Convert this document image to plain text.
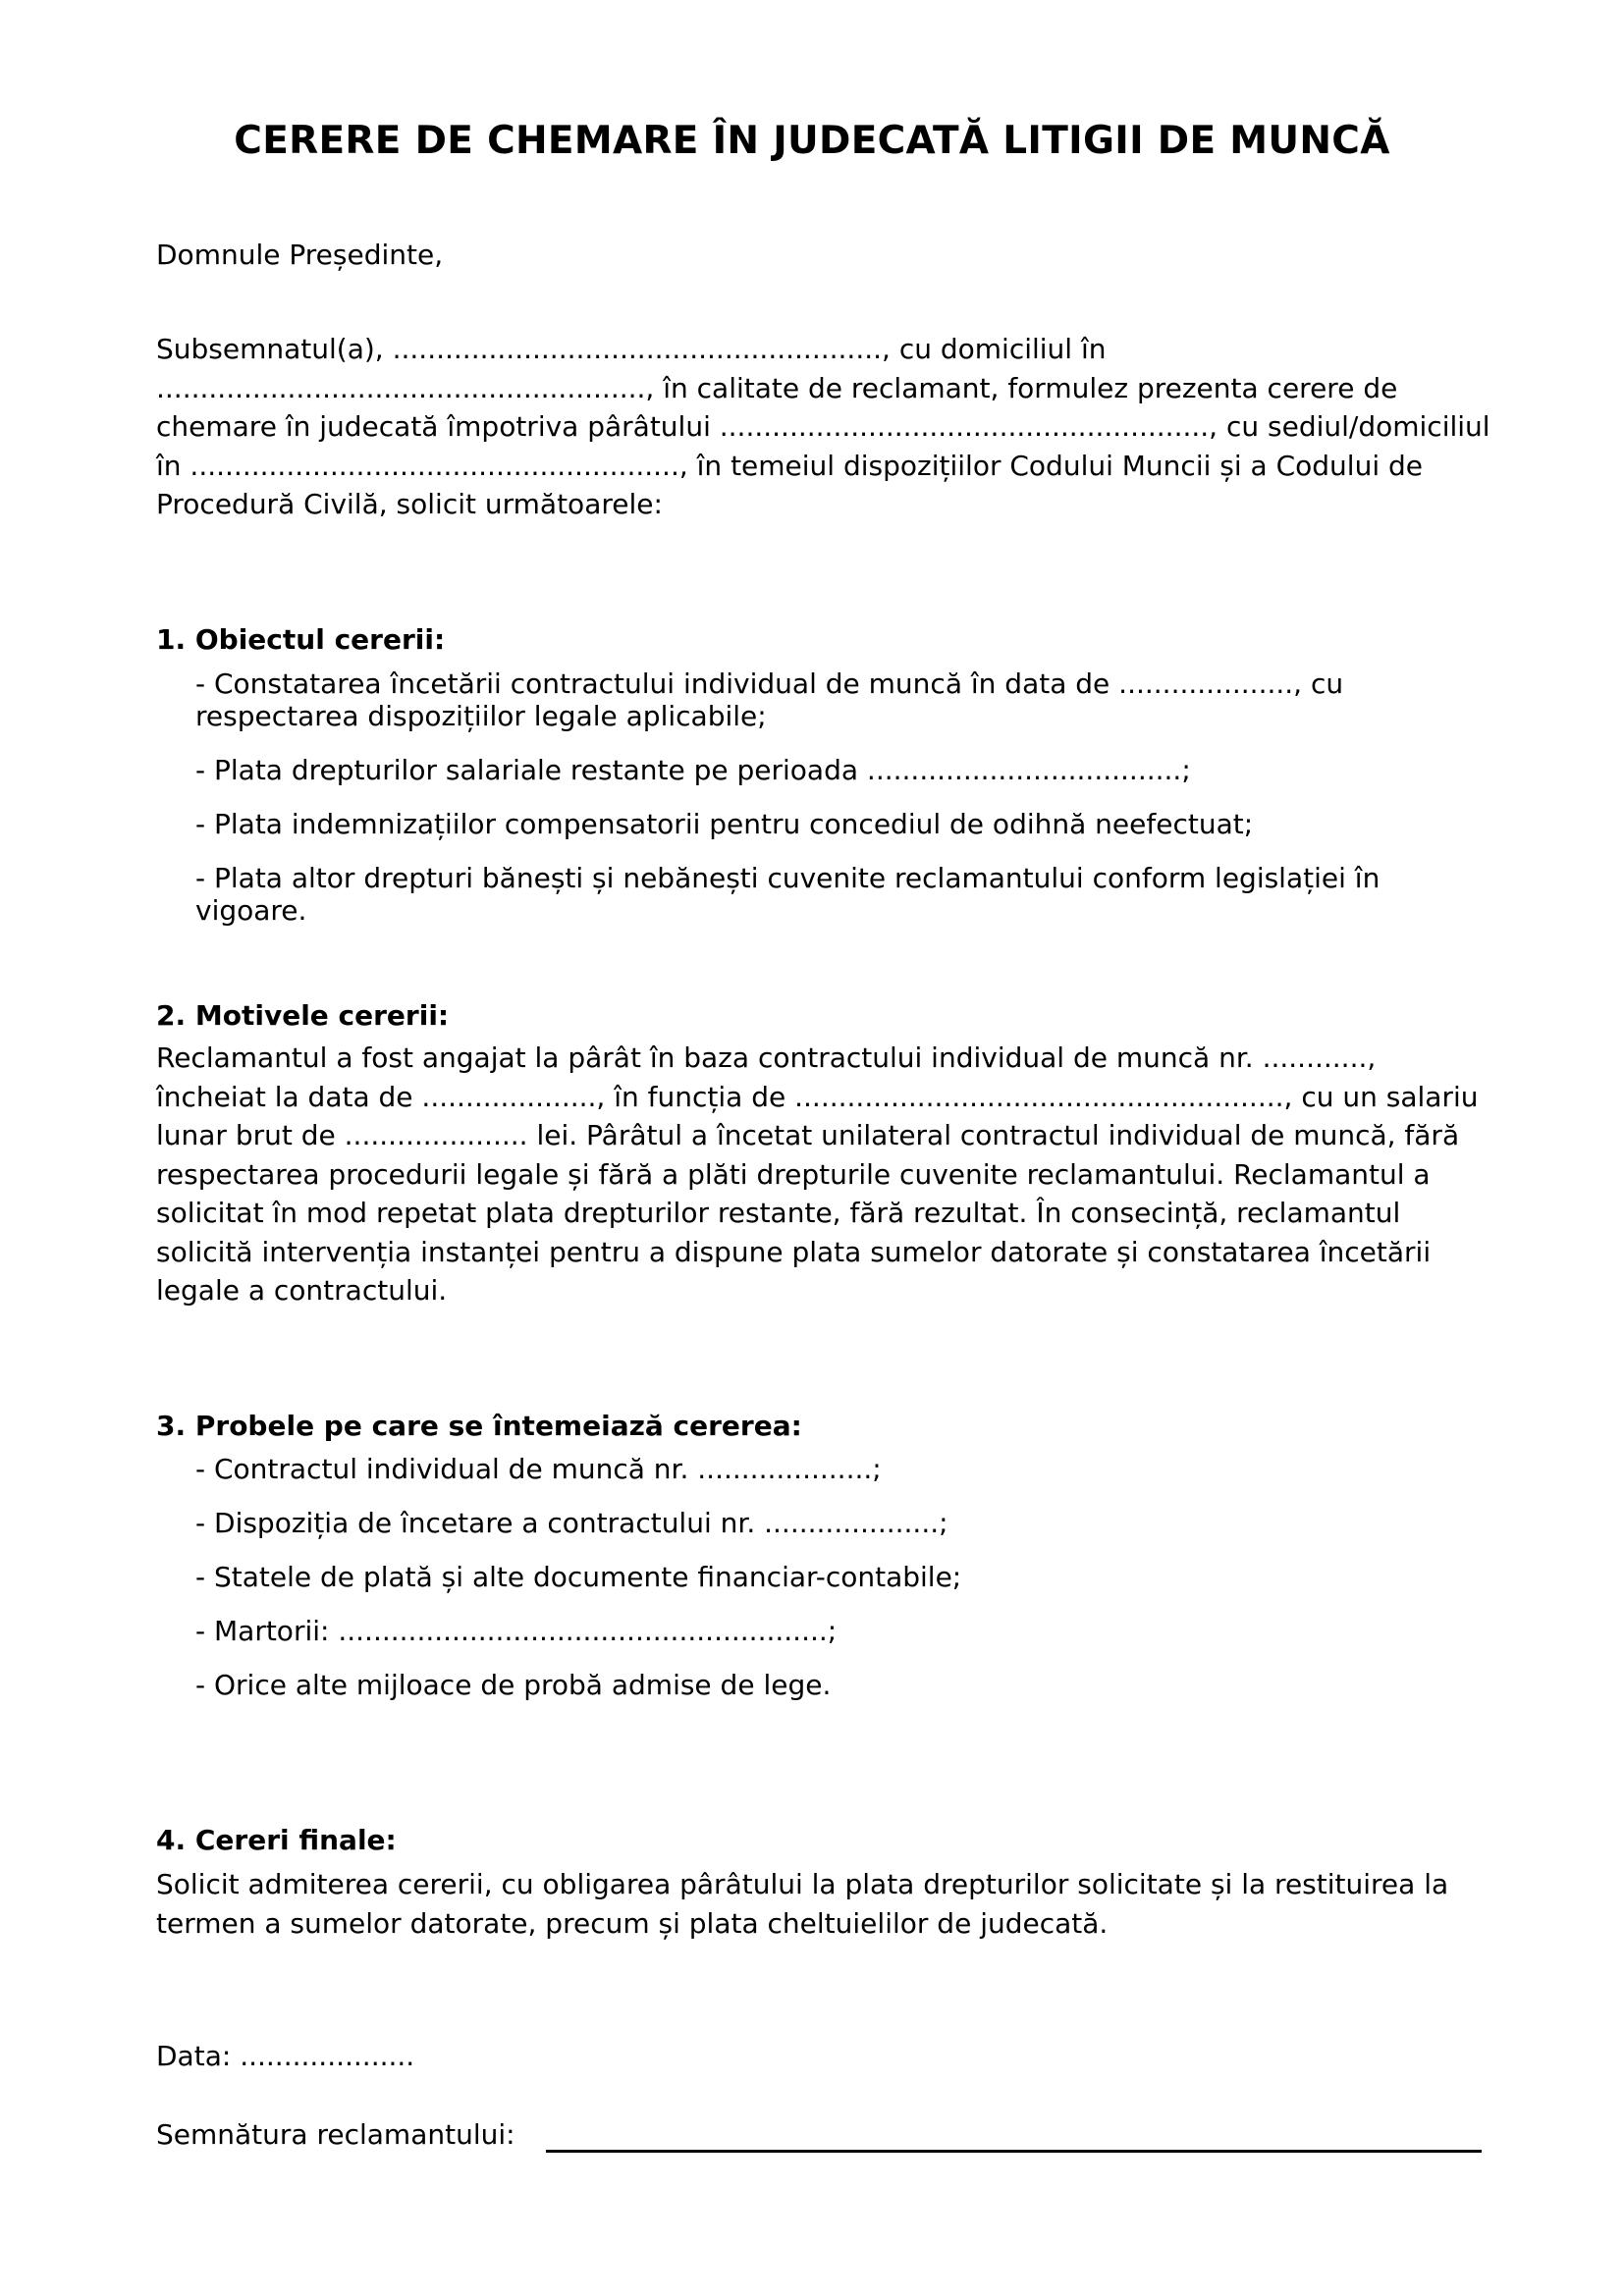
CERERE DE CHEMARE ÎN JUDECATĂ LITIGII DE MUNCĂ
Domnule Președinte,
Subsemnatul(a), ........................................................, cu domiciliul în ........................................................, în calitate de reclamant, formulez prezenta cerere de chemare în judecată împotriva pârâtului ........................................................, cu sediul/domiciliul în ........................................................, în temeiul dispozițiilor Codului Muncii și a Codului de Procedură Civilă, solicit următoarele:
1. Obiectul cererii:
- Constatarea încetării contractului individual de muncă în data de ...................., cu respectarea dispozițiilor legale aplicabile;
- Plata drepturilor salariale restante pe perioada ....................................;
- Plata indemnizațiilor compensatorii pentru concediul de odihnă neefectuat;
- Plata altor drepturi bănești și nebănești cuvenite reclamantului conform legislației în vigoare.
2. Motivele cererii:
Reclamantul a fost angajat la pârât în baza contractului individual de muncă nr. ............, încheiat la data de ...................., în funcția de ........................................................, cu un salariu lunar brut de ..................... lei. Pârâtul a încetat unilateral contractul individual de muncă, fără respectarea procedurii legale și fără a plăti drepturile cuvenite reclamantului. Reclamantul a solicitat în mod repetat plata drepturilor restante, fără rezultat. În consecință, reclamantul solicită intervenția instanței pentru a dispune plata sumelor datorate și constatarea încetării legale a contractului.
3. Probele pe care se întemeiază cererea:
- Contractul individual de muncă nr. ....................;
- Dispoziția de încetare a contractului nr. ....................;
- Statele de plată și alte documente financiar-contabile;
- Martorii: ........................................................;
- Orice alte mijloace de probă admise de lege.
4. Cereri finale:
Solicit admiterea cererii, cu obligarea pârâtului la plata drepturilor solicitate și la restituirea la termen a sumelor datorate, precum și plata cheltuielilor de judecată.
Data: ....................
Semnătura reclamantului:
